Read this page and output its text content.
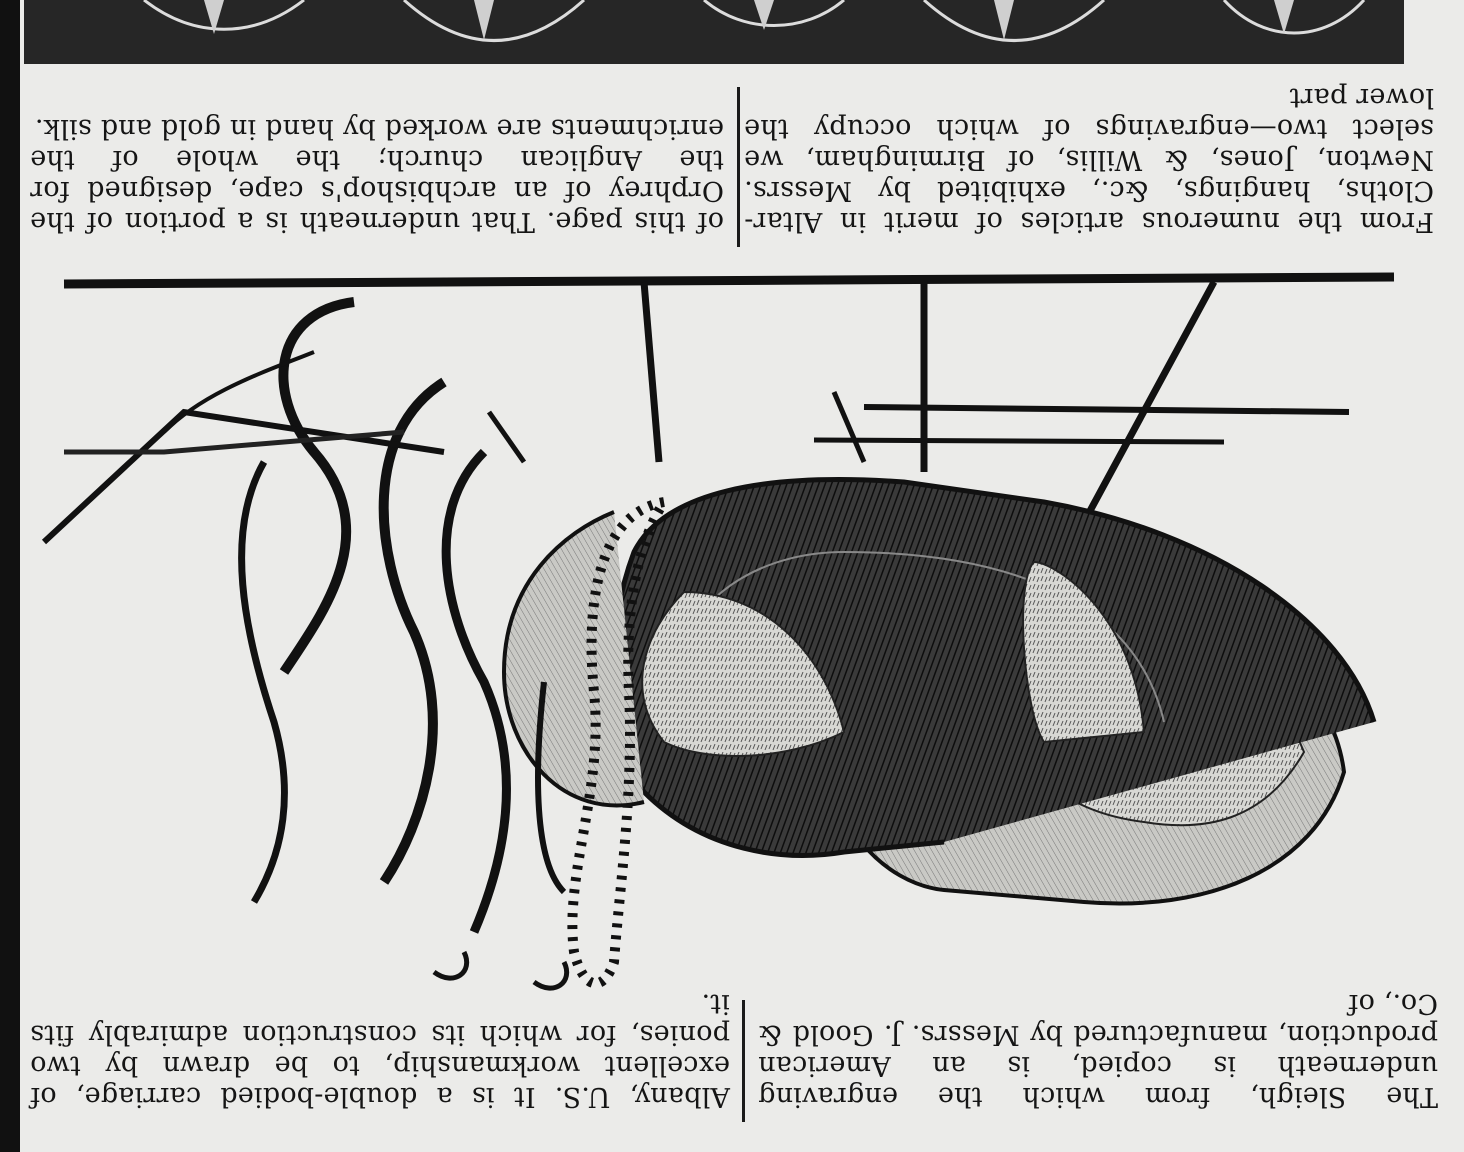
The Sleigh, from which the engraving underneath is copied, is an American production, manufactured by Messrs. J. Goold & Co., of

Albany, U.S. It is a double-bodied carriage, of excellent workmanship, to be drawn by two ponies, for which its construction admirably fits it.

From the numerous articles of merit in Altar-Cloths, hangings, &c., exhibited by Messrs. Newton, Jones, & Willis, of Birmingham, we select two—engravings of which occupy the lower part

of this page. That underneath is a portion of the Orphrey of an archbishop's cape, designed for the Anglican church; the whole of the enrichments are worked by hand in gold and silk.
